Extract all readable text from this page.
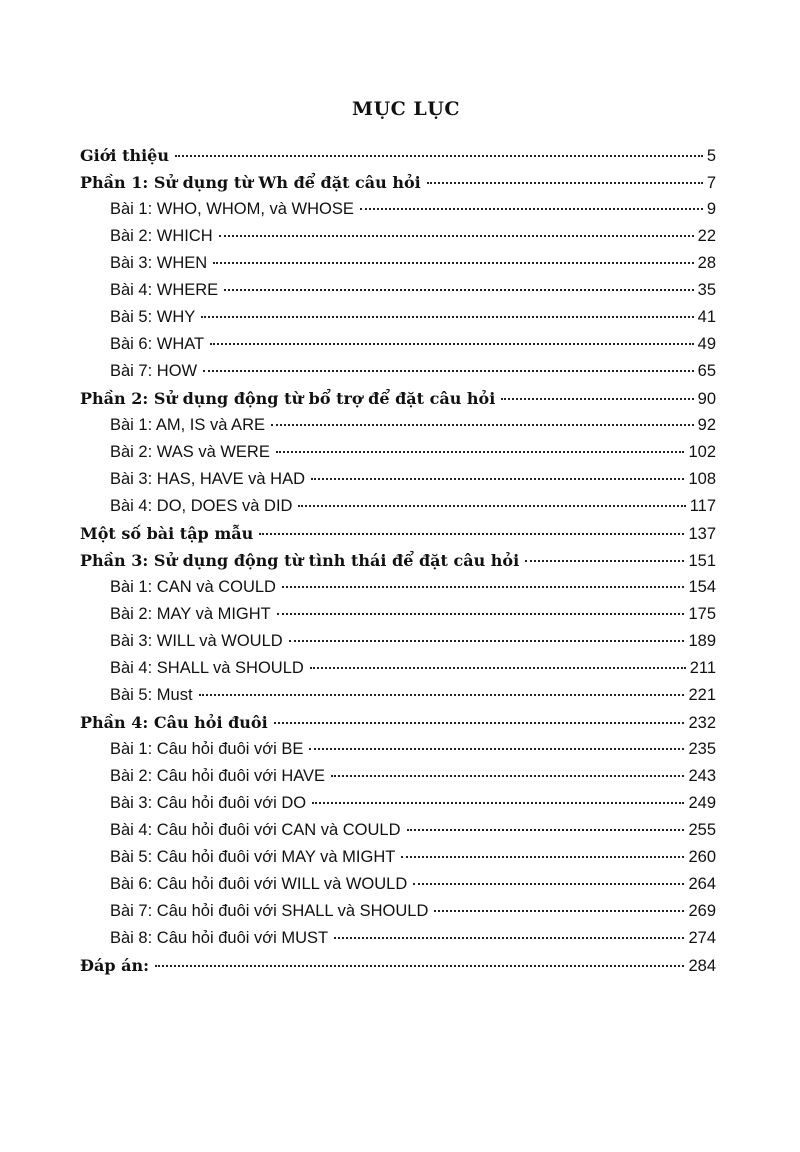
MỤC LỤC
Giới thiệu	5
Phần 1: Sử dụng từ Wh để đặt câu hỏi	7
Bài 1: WHO, WHOM, và WHOSE	9
Bài 2: WHICH	22
Bài 3: WHEN	28
Bài 4: WHERE	35
Bài 5: WHY	41
Bài 6: WHAT	49
Bài 7: HOW	65
Phần 2: Sử dụng động từ bổ trợ để đặt câu hỏi	90
Bài 1: AM, IS và ARE	92
Bài 2: WAS và WERE	102
Bài 3: HAS, HAVE và HAD	108
Bài 4: DO, DOES và DID	117
Một số bài tập mẫu	137
Phần 3: Sử dụng động từ tình thái để đặt câu hỏi	151
Bài 1: CAN và COULD	154
Bài 2: MAY và MIGHT	175
Bài 3: WILL và WOULD	189
Bài 4: SHALL và SHOULD	211
Bài 5: Must	221
Phần 4: Câu hỏi đuôi	232
Bài 1: Câu hỏi đuôi với BE	235
Bài 2: Câu hỏi đuôi với HAVE	243
Bài 3: Câu hỏi đuôi với DO	249
Bài 4: Câu hỏi đuôi với CAN và COULD	255
Bài 5: Câu hỏi đuôi với MAY và MIGHT	260
Bài 6: Câu hỏi đuôi với WILL và WOULD	264
Bài 7: Câu hỏi đuôi với SHALL và SHOULD	269
Bài 8: Câu hỏi đuôi với MUST	274
Đáp án:	284
